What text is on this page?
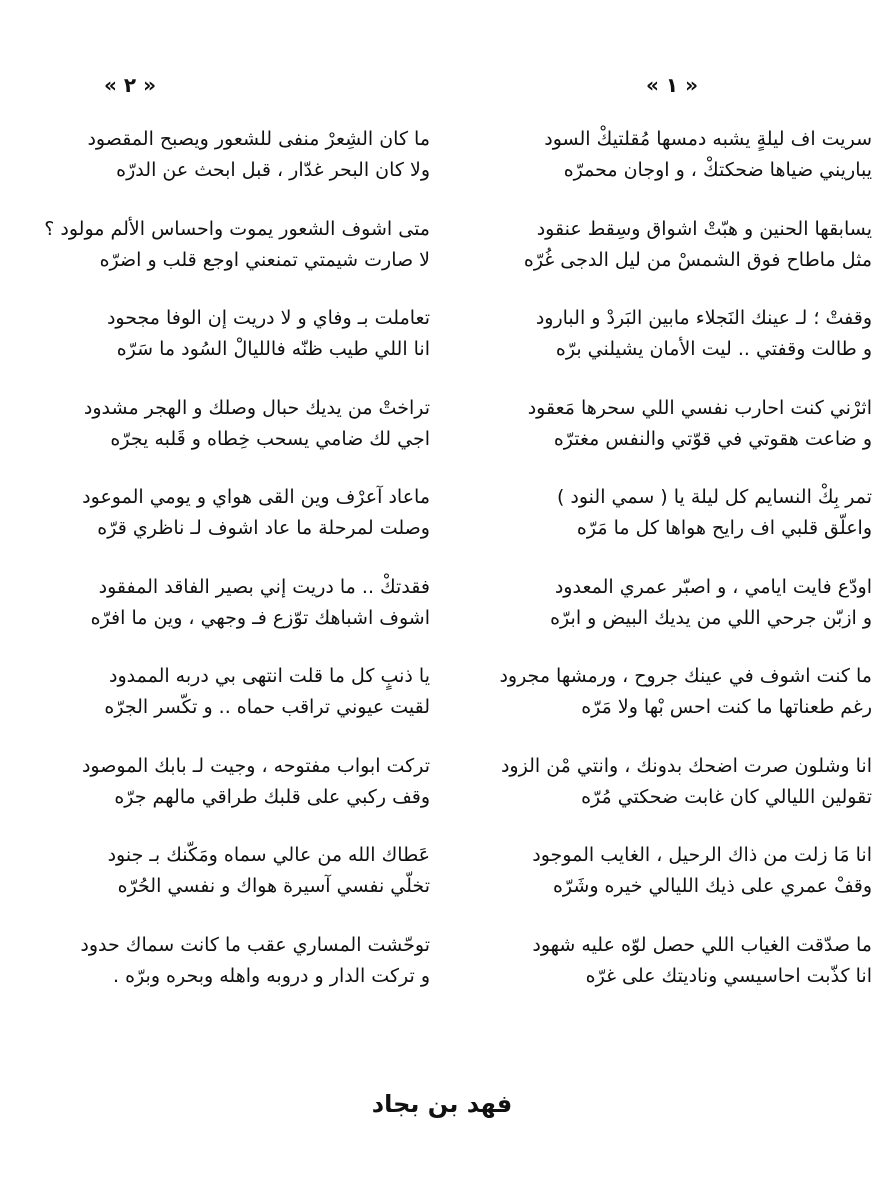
« ١ »
سريت اف ليلةٍ يشبه دمسها مُقلتيكْ السود
يباريني ضياها ضحكتكْ ، و اوجان محمرّه
يسابقها الحنين و هبّتْ اشواق وسِقط عنقود
مثل ماطاح فوق الشمسْ من ليل الدجى غُرّه
وقفتْ ؛ لـ عينك النَجلاء مابين البَردْ و البارود
و طالت وقفتي .. ليت الأمان يشيلني برّه
اثرْني كنت احارب نفسي اللي سحرها مَعقود
و ضاعت هقوتي في قوّتي والنفس مغترّه
تمر بِكْ النسايم كل ليلة يا ( سمي النود )
واعلّق قلبي اف رايح هواها كل ما مَرّه
اودّع فايت ايامي ، و اصبّر عمري المعدود
و ازبّن جرحي اللي من يديك البيض و ابرّه
ما كنت اشوف في عينك جروح ، ورمشها مجرود
رغم طعناتها ما كنت احس بْها ولا مَرّه
انا وشلون صرت اضحك بدونك ، وانتي مْن الزود
تقولين الليالي كان غابت ضحكتي مُرّه
انا مَا زلت من ذاك الرحيل ، الغايب الموجود
وقفْ عمري على ذيك الليالي خيره وشَرّه
ما صدّقت الغياب اللي حصل لوّه عليه شهود
انا كذّبت احاسيسي وناديتك على غرّه
« ٢ »
ما كان الشِعرْ منفى للشعور ويصبح المقصود
ولا كان البحر غدّار ، قبل ابحث عن الدرّه
متى اشوف الشعور يموت واحساس الألم مولود ؟
لا صارت شيمتي تمنعني اوجع قلب و اضرّه
تعاملت بـ وفاي و لا دريت إن الوفا مجحود
انا اللي طيب ظنّه فالليالْ السُود ما سَرّه
تراختْ من يديك حبال وصلك و الهجر مشدود
اجي لك ضامي يسحب خِطاه و قَلبه يجرّه
ماعاد آعرْف وين القى هواي و يومي الموعود
وصلت لمرحلة ما عاد اشوف لـ ناظري قرّه
فقدتكْ .. ما دريت إني بصير الفاقد المفقود
اشوف اشباهك توّزع فـ وجهي ، وين ما افرّه
يا ذنبٍ كل ما قلت انتهى بي دربه الممدود
لقيت عيوني تراقب حماه .. و تكّسر الجرّه
تركت ابواب مفتوحه ، وجيت لـ بابك الموصود
وقف ركبي على قلبك طراقي مالهم جرّه
عَطاك الله من عالي سماه ومَكّنك بـ جنود
تخلّي نفسي آسيرة هواك و نفسي الحُرّه
توحّشت المساري عقب ما كانت سماك حدود
و تركت الدار و دروبه واهله وبحره وبرّه .
فهد بن بجاد
